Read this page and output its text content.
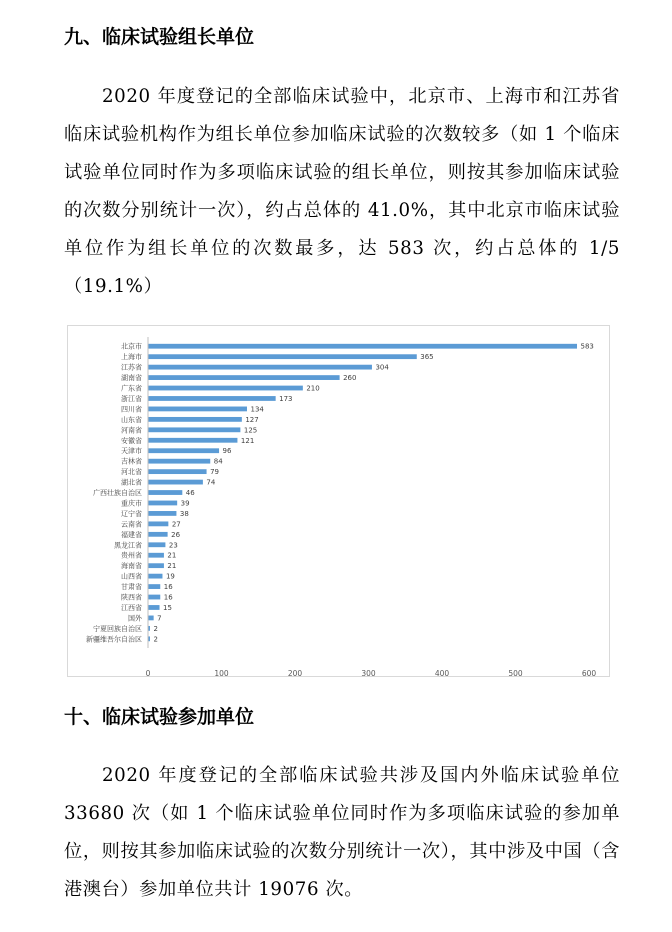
九、临床试验组长单位
2020 年度登记的全部临床试验中，北京市、上海市和江苏省临床试验机构作为组长单位参加临床试验的次数较多（如 1 个临床试验单位同时作为多项临床试验的组长单位，则按其参加临床试验的次数分别统计一次），约占总体的 41.0%，其中北京市临床试验单位作为组长单位的次数最多，达 583 次，约占总体的 1/5（19.1%）
北京市	583
上海市	365
江苏省	304
湖南省	260
广东省	210
浙江省	173
四川省	134
山东省	127
河南省	125
安徽省	121
天津市	96
吉林省	84
河北省	79
湖北省	74
广西壮族自治区	46
重庆市	39
辽宁省	38
云南省	27
福建省	26
黑龙江省	23
贵州省	21
海南省	21
山西省	19
甘肃省	16
陕西省	16
江西省	15
国外 7
宁夏回族自治区 2
新疆维吾尔自治区 2
0	100	200	300	400	500	600
十、临床试验参加单位
2020 年度登记的全部临床试验共涉及国内外临床试验单位 33680 次（如 1 个临床试验单位同时作为多项临床试验的参加单位，则按其参加临床试验的次数分别统计一次），其中涉及中国（含港澳台）参加单位共计 19076 次。
